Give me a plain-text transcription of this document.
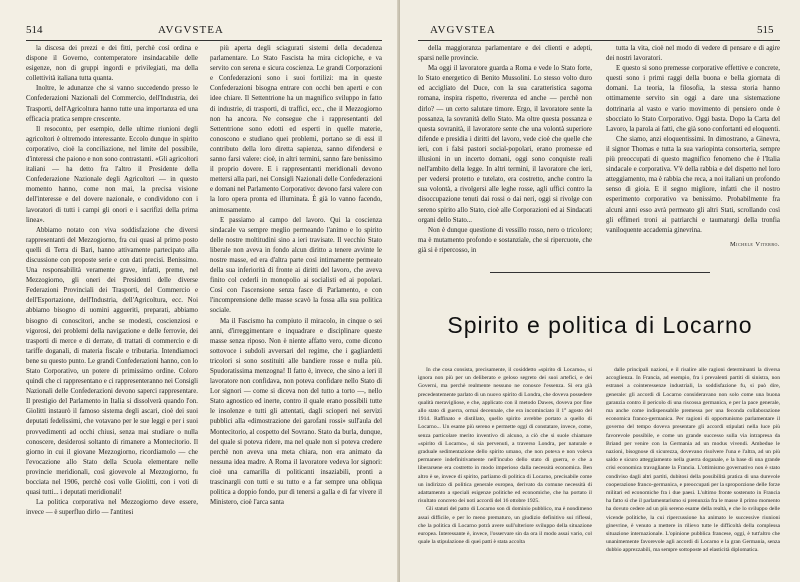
514	AVGVSTEA

la discesa dei prezzi e dei fitti, perchè così ordina e dispone il Governo, contemperatore insindacabile delle esigenze, non di gruppi ingordi e privilegiati, ma della collettività italiana tutta quanta.

Inoltre, le adunanze che si vanno succedendo presso le Confederazioni Nazionali del Commercio, dell'Industria, dei Trasporti, dell'Agricoltura hanno tutte una importanza ed una efficacia pratica sempre crescente.

Il resoconto, per esempio, delle ultime riunioni degli agricoltori è oltremodo interessante. Eccolo dunque in spirito corporativo, cioè la conciliazione, nel limite del possibile, d'interessi che paiono e non sono contrastanti. «Gli agricoltori italiani — ha detto fra l'altro il Presidente della Confederazione Nazionale degli Agricoltori — in questo momento hanno, come non mai, la precisa visione dell'interesse e del dovere nazionale, e condividono con i lavoratori di tutti i campi gli onori e i sacrifizi della prima linea».

Abbiamo notato con viva soddisfazione che diversi rappresentanti del Mezzogiorno, fra cui quasi al primo posto quelli di Terra di Bari, hanno attivamente partecipato alla discussione con proposte serie e con dati precisi. Benissimo. Una responsabilità veramente grave, infatti, preme, nel Mezzogiorno, gli oneri dei Presidenti delle diverse Federazioni Provinciali dei Trasporti, del Commercio e dell'Esportazione, dell'Industria, dell'Agricoltura, ecc. Noi abbiamo bisogno di uomini aggueriti, preparati, abbiamo bisogno di conoscitori, anche se modesti, coscienziosi e vigorosi, dei problemi della navigazione e delle ferrovie, dei trasporti di merce e di derrate, di trattati di commercio e di tariffe doganali, di materia fiscale e tributaria. Intendiamoci bene su questo punto. Le grandi Confederazioni hanno, con lo Stato Corporativo, un potere di primissimo ordine. Coloro quindi che ci rappresentano e ci rappresenteranno nei Consigli Nazionali delle Confederazioni devono saperci rappresentare. Il prestigio del Parlamento in Italia si dissolverà quando l'on. Giolitti instaurò il famoso sistema degli ascari, cioè dei suoi deputati fedelissimi, che votavano per le sue leggi e per i suoi provvedimenti ad occhi chiusi, senza mai studiare o nulla conoscere, desiderosi soltanto di rimanere a Montecitorio. Il giorno in cui il giovane Mezzogiorno, ricordiamolo — che l'evocazione allo Stato della Scuola elementare nelle provincie meridionali, così giovevole al Mezzogiorno, fu bocciata nel 1906, perchè così volle Giolitti, con i voti di quasi tutti... i deputati meridionali!

La politica corporativa nel Mezzogiorno deve essere, invece — è superfluo dirlo — l'antitesi

più aperta degli sciagurati sistemi della decadenza parlamentare. Lo Stato Fascista ha mira ciclopiche, e va servito con serena e sicura coscienza. Le grandi Corporazioni e Confederazioni sono i suoi fortilizi: ma in queste Confederazioni bisogna entrare con occhi ben aperti e con idee chiare. Il Settentrione ha un magnifico sviluppo in fatto di industrie, di trasporti, di traffici, ecc., che il Mezzogiorno non ha ancora. Ne consegue che i rappresentanti del Settentrione sono edotti ed esperti in quelle materie, conoscono e studiano quei problemi, portano se di essi il contributo della loro diretta sapienza, sanno difendersi e sanno farsi valere: cioè, in altri termini, sanno fare benissimo il proprio dovere. E i rappresentanti meridionali devono mettersi alla pari, nei Consigli Nazionali delle Confederazioni e domani nel Parlamento Corporativo: devono farsi valere con la loro opera pronta ed illuminata. È già lo vanno facendo, animosamente.

E passiamo al campo del lavoro. Qui la coscienza sindacale va sempre meglio permeando l'animo e lo spirito delle nostre moltitudini sino a ieri travisate. Il vecchio Stato liberale non aveva in fondo alcun diritto a tenere avvinte le nostre masse, ed era d'altra parte così intimamente permeato della sua inferiorità di fronte ai diritti del lavoro, che aveva finito col cederli in monopolio ai socialisti ed ai popolari. Così con l'ascensione senza fasce di Parlamento, e con l'incomprensione delle masse scavò la fossa alla sua politica sociale.

Ma il Fascismo ha compiuto il miracolo, in cinque o sei anni, d'irreggimentare e inquadrare e disciplinare queste masse senza riposo. Non è niente affatto vero, come dicono sottovoce i subdoli avversari del regime, che i gagliardetti tricolori si sono sostituiti alle bandiere rosse e nulla più. Spudoratissima menzogna! Il fatto è, invece, che sino a ieri il lavoratore non confidava, non poteva confidare nello Stato di Lor signori — come si diceva non del tutto a torto —, nello Stato agnostico ed inerte, contro il quale erano possibili tutte le insolenze e tutti gli attentati, dagli scioperi nei servizi pubblici alla «dimostrazione dei garofani rossi» sull'aula del Montecitorio, al cospetto del Sovrano. Stato da burla, dunque, del quale si poteva ridere, ma nel quale non si poteva credere perchè non aveva una meta chiara, non era animato da nessuna idea madre. A Roma il lavoratore vedeva lor signori: cioè una camarilla di politicanti insaziabili, pronti a trascinargli con tutti e su tutto e a far sempre una obliqua politica a doppio fondo, pur di tenersi a galla e di far vivere il Ministero, cioè l'arca santa

AVGVSTEA	515

della maggioranza parlamentare e dei clienti e adepti, sparsi nelle provincie.

Ma oggi il lavoratore guarda a Roma e vede lo Stato forte, lo Stato energetico di Benito Mussolini. Lo stesso volto duro ed accigliato del Duce, con la sua caratteristica sagoma romana, inspira rispetto, riverenza ed anche — perchè non dirlo? — un certo salutare timore. Ergo, il lavoratore sente la possanza, la sovranità dello Stato. Ma oltre questa possanza e questa sovranità, il lavoratore sente che una volontà superiore difende e presidia i diritti del lavoro, vede cioè che quelle che ieri, con i falsi pastori social-popolari, erano promesse ed illusioni in un incerto domani, oggi sono conquiste reali nell'ambito della legge. In altri termini, il lavoratore che ieri, per vedersi protetto e tutelato, era costretto, anche contro la sua volontà, a rivolgersi alle leghe rosse, agli uffici contro la disoccupazione tenuti dai rossi o dai neri, oggi si rivolge con sereno spirito allo Stato, cioè alle Corporazioni ed ai Sindacati organi dello Stato...

Non è dunque questione di vessillo rosso, nero o tricolore; ma è mutamento profondo e sostanziale, che si ripercuote, che già si è ripercosso, in

tutta la vita, cioè nel modo di vedere di pensare e di agire dei nostri lavoratori.

E questo si sono premesse corporative effettive e concrete, questi sono i primi raggi della buona e bella giornata di domani. La teoria, la filosofia, la stessa storia hanno ottimamente servito sin oggi a dare una sistemazione dottrinaria al vasto e vario movimento di pensiero onde è sbocciato lo Stato Corporativo. Oggi basta. Dopo la Carta del Lavoro, la parola ai fatti, che già sono confortanti ed eloquenti.

Che siamo, anzi eloquentissimi. In dimostrano, a Ginevra, il signor Thomas e tutta la sua variopinta consorteria, sempre più preoccupati di questo magnifico fenomeno che è l'Italia sindacale e corporativa. V'è della rabbia e del dispetto nel loro atteggiamento, ma è rabbia che reca, a noi italiani un profondo senso di gioia. E il segno migliore, infatti che il nostro esperimento corporativo va benissimo. Probabilmente fra alcuni anni esso avrà permeato gli altri Stati, scrollando così gli effimeri troni ai patriarchi e taumaturgi della tronfia vaniloquente accademia ginevrina.

Michele Viterbo.

In che cosa consista, precisamente, il cosiddetto «spirito di Locarno», si ignora non più per un deliberato e geloso segreto dei suoi artefici, e dei Governi, ma perchè realmente nessuno ne conosce l'essenza. Si era già precedentemente parlato di un nuovo spirito di Londra, che doveva possedere qualità meravigliose, e che, applicato con il metodo Dawes, doveva por fine allo stato di guerra, ormai decennale, che era incominciato il 1° agosto del 1914. Raffinato e distillato, quello spirito avrebbe portato a quello di Locarno... Un esame più sereno e permette oggi di constatare, invece, come, senza particolare merito inventivo di alcuno, a ciò che si suole chiamare «spirito di Locarno», si sia pervenuti, a traverso Londra, per naturale e graduale sedimentazione dello spirito umano, che non poteva e non voleva permanere indefinitivamente nell'incubo dello stato di guerra, e che a liberarsene era costretto in modo imperioso dalla necessità economica. Ben altro è se, invece di spirito, parliamo di politica di Locarno, precisabile come un indirizzo di politica generale europea, derivato da comune necessità di adattamento a speciali esigenze politiche ed economiche, che ha portato il risultato concreto dei noti accordi del 16 ottobre 1925.

Gli statuti del patto di Locarno son di dominio pubblico, ma è nondimeno assai difficile, e per lo meno prematuro, un giudizio definitivo sui riflessi, che la politica di Locarno potrà avere sull'ulteriore sviluppo della situazione europea. Interessante è, invece, l'osservare sin da ora il modo assai vario, col quale la stipulazione di quei patti è stata accolta

dalle principali nazioni, e il risalire alle ragioni determinanti la diversa accoglienza. In Francia, ad esempio, fra i prevalenti partiti di sinistra, non estranei a cointeressenze industriali, la soddisfazione fu, si può dire, generale: gli accordi di Locarno consideravano non solo come una buona garanzia contro il pericolo di una riscossa germanica, e per la pace generale, ma anche come indispensabile premessa per una feconda collaborazione economica franco-germanica. Per ragioni di opportunismo parlamentare il governo del tempo doveva presentare gli accordi stipulati nella luce più favorevole possibile, e come un grande successo sulla via intrapresa da Briand per venire con la Germania ad un modus vivendi. Ambedue le nazioni, bisognose di sicurezza, dovevano risolvere l'una e l'altra, ad un più saldo e sicuro atteggiamento nella guerra doganale, e la base di una grande crisi economica travagliante la Francia. L'ottimismo governativo non è stato condiviso dagli altri partiti, dubitosi della possibilità pratica di una durevole cooperazione franco-germanica, e preoccupati per la sproporzione delle forze militari ed economiche fra i due paesi. L'ultimo fronte sostenuto in Francia ha fatto sì che il parlamentarismo si prenunzia fra le masse il primo momento ha dovuto cedere ad un più sereno esame della realtà, e che lo sviluppo delle vicende politiche, la cui ripercussione ha animato le successive riunioni ginevrine, è venuto a mettere in rilievo tutte le difficoltà della complessa situazione internazionale. L'opinione pubblica francese, oggi, è tutt'altro che unanimemente favorevole agli accordi di Locarno e la gran Germania, senza dubbio apprezzabili, ma sempre sottoposte ad elasticità diplomatica.

Spirito e politica di Locarno
